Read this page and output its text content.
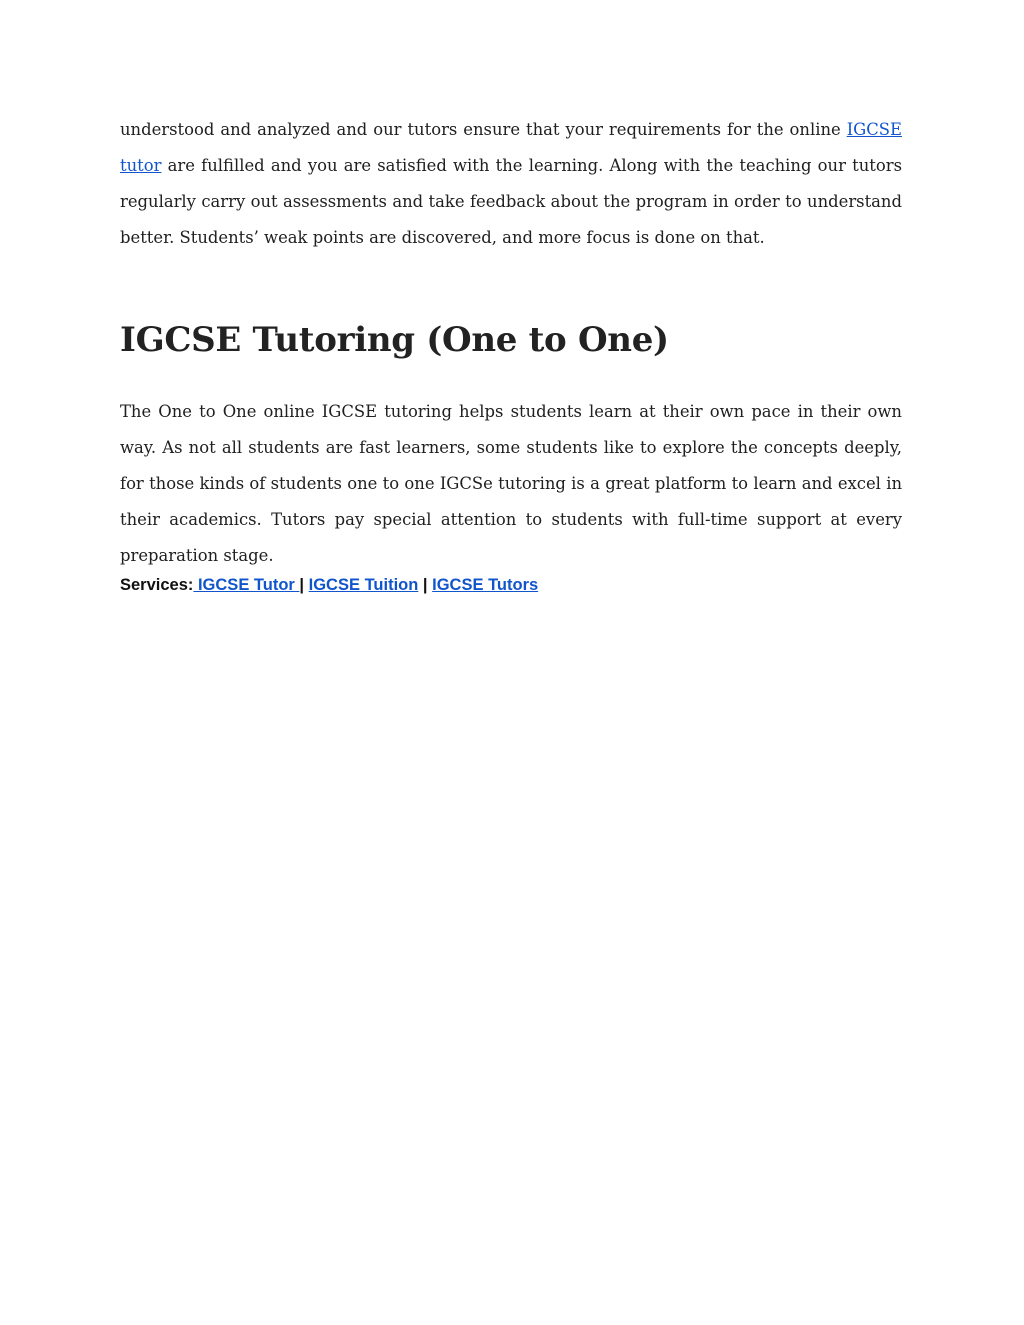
understood and analyzed and our tutors ensure that your requirements for the online IGCSE tutor are fulfilled and you are satisfied with the learning. Along with the teaching our tutors regularly carry out assessments and take feedback about the program in order to understand better. Students’ weak points are discovered, and more focus is done on that.

IGCSE Tutoring (One to One)

The One to One online IGCSE tutoring helps students learn at their own pace in their own way. As not all students are fast learners, some students like to explore the concepts deeply, for those kinds of students one to one IGCSe tutoring is a great platform to learn and excel in their academics. Tutors pay special attention to students with full-time support at every preparation stage.

Services: IGCSE Tutor | IGCSE Tuition | IGCSE Tutors
